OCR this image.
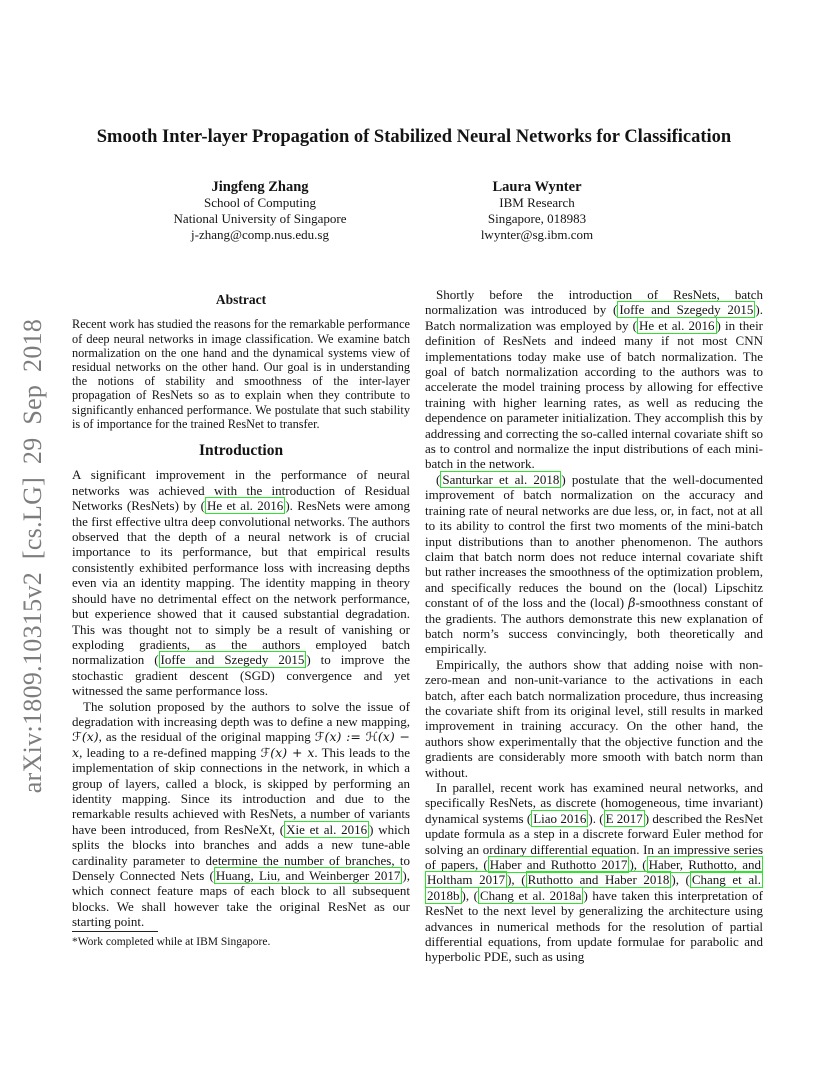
arXiv:1809.10315v2 [cs.LG] 29 Sep 2018
Smooth Inter-layer Propagation of Stabilized Neural Networks for Classification
Jingfeng Zhang
School of Computing
National University of Singapore
j-zhang@comp.nus.edu.sg
Laura Wynter
IBM Research
Singapore, 018983
lwynter@sg.ibm.com
Abstract

Recent work has studied the reasons for the remarkable performance of deep neural networks in image classification. We examine batch normalization on the one hand and the dynamical systems view of residual networks on the other hand. Our goal is in understanding the notions of stability and smoothness of the inter-layer propagation of ResNets so as to explain when they contribute to significantly enhanced performance. We postulate that such stability is of importance for the trained ResNet to transfer.

Introduction

A significant improvement in the performance of neural networks was achieved with the introduction of Residual Networks (ResNets) by ( He et al. 2016 ). ResNets were among the first effective ultra deep convolutional networks. The authors observed that the depth of a neural network is of crucial importance to its performance, but that empirical results consistently exhibited performance loss with increasing depths even via an identity mapping. The identity mapping in theory should have no detrimental effect on the network performance, but experience showed that it caused substantial degradation. This was thought not to simply be a result of vanishing or exploding gradients, as the authors employed batch normalization ( Ioffe and Szegedy 2015 ) to improve the stochastic gradient descent (SGD) convergence and yet witnessed the same performance loss.

The solution proposed by the authors to solve the issue of degradation with increasing depth was to define a new mapping, ℱ(x), as the residual of the original mapping ℱ(x) := ℋ(x) − x, leading to a re-defined mapping ℱ(x) + x. This leads to the implementation of skip connections in the network, in which a group of layers, called a block, is skipped by performing an identity mapping. Since its introduction and due to the remarkable results achieved with ResNets, a number of variants have been introduced, from ResNeXt, ( Xie et al. 2016 ) which splits the blocks into branches and adds a new tune-able cardinality parameter to determine the number of branches, to Densely Connected Nets ( Huang, Liu, and Weinberger 2017 ), which connect feature maps of each block to all subsequent blocks. We shall however take the original ResNet as our starting point.

Shortly before the introduction of ResNets, batch normalization was introduced by ( Ioffe and Szegedy 2015 ). Batch normalization was employed by ( He et al. 2016 ) in their definition of ResNets and indeed many if not most CNN implementations today make use of batch normalization. The goal of batch normalization according to the authors was to accelerate the model training process by allowing for effective training with higher learning rates, as well as reducing the dependence on parameter initialization. They accomplish this by addressing and correcting the so-called internal covariate shift so as to control and normalize the input distributions of each mini-batch in the network.

( Santurkar et al. 2018 ) postulate that the well-documented improvement of batch normalization on the accuracy and training rate of neural networks are due less, or, in fact, not at all to its ability to control the first two moments of the mini-batch input distributions than to another phenomenon. The authors claim that batch norm does not reduce internal covariate shift but rather increases the smoothness of the optimization problem, and specifically reduces the bound on the (local) Lipschitz constant of of the loss and the (local) β-smoothness constant of the gradients. The authors demonstrate this new explanation of batch norm’s success convincingly, both theoretically and empirically.

Empirically, the authors show that adding noise with non-zero-mean and non-unit-variance to the activations in each batch, after each batch normalization procedure, thus increasing the covariate shift from its original level, still results in marked improvement in training accuracy. On the other hand, the authors show experimentally that the objective function and the gradients are considerably more smooth with batch norm than without.

In parallel, recent work has examined neural networks, and specifically ResNets, as discrete (homogeneous, time invariant) dynamical systems ( Liao 2016 ). ( E 2017 ) described the ResNet update formula as a step in a discrete forward Euler method for solving an ordinary differential equation. In an impressive series of papers, ( Haber and Ruthotto 2017 ), ( Haber, Ruthotto, and Holtham 2017 ), ( Ruthotto and Haber 2018 ), ( Chang et al. 2018b ), ( Chang et al. 2018a ) have taken this interpretation of ResNet to the next level by generalizing the architecture using advances in numerical methods for the resolution of partial differential equations, from update formulae for parabolic and hyperbolic PDE, such as using

*Work completed while at IBM Singapore.
